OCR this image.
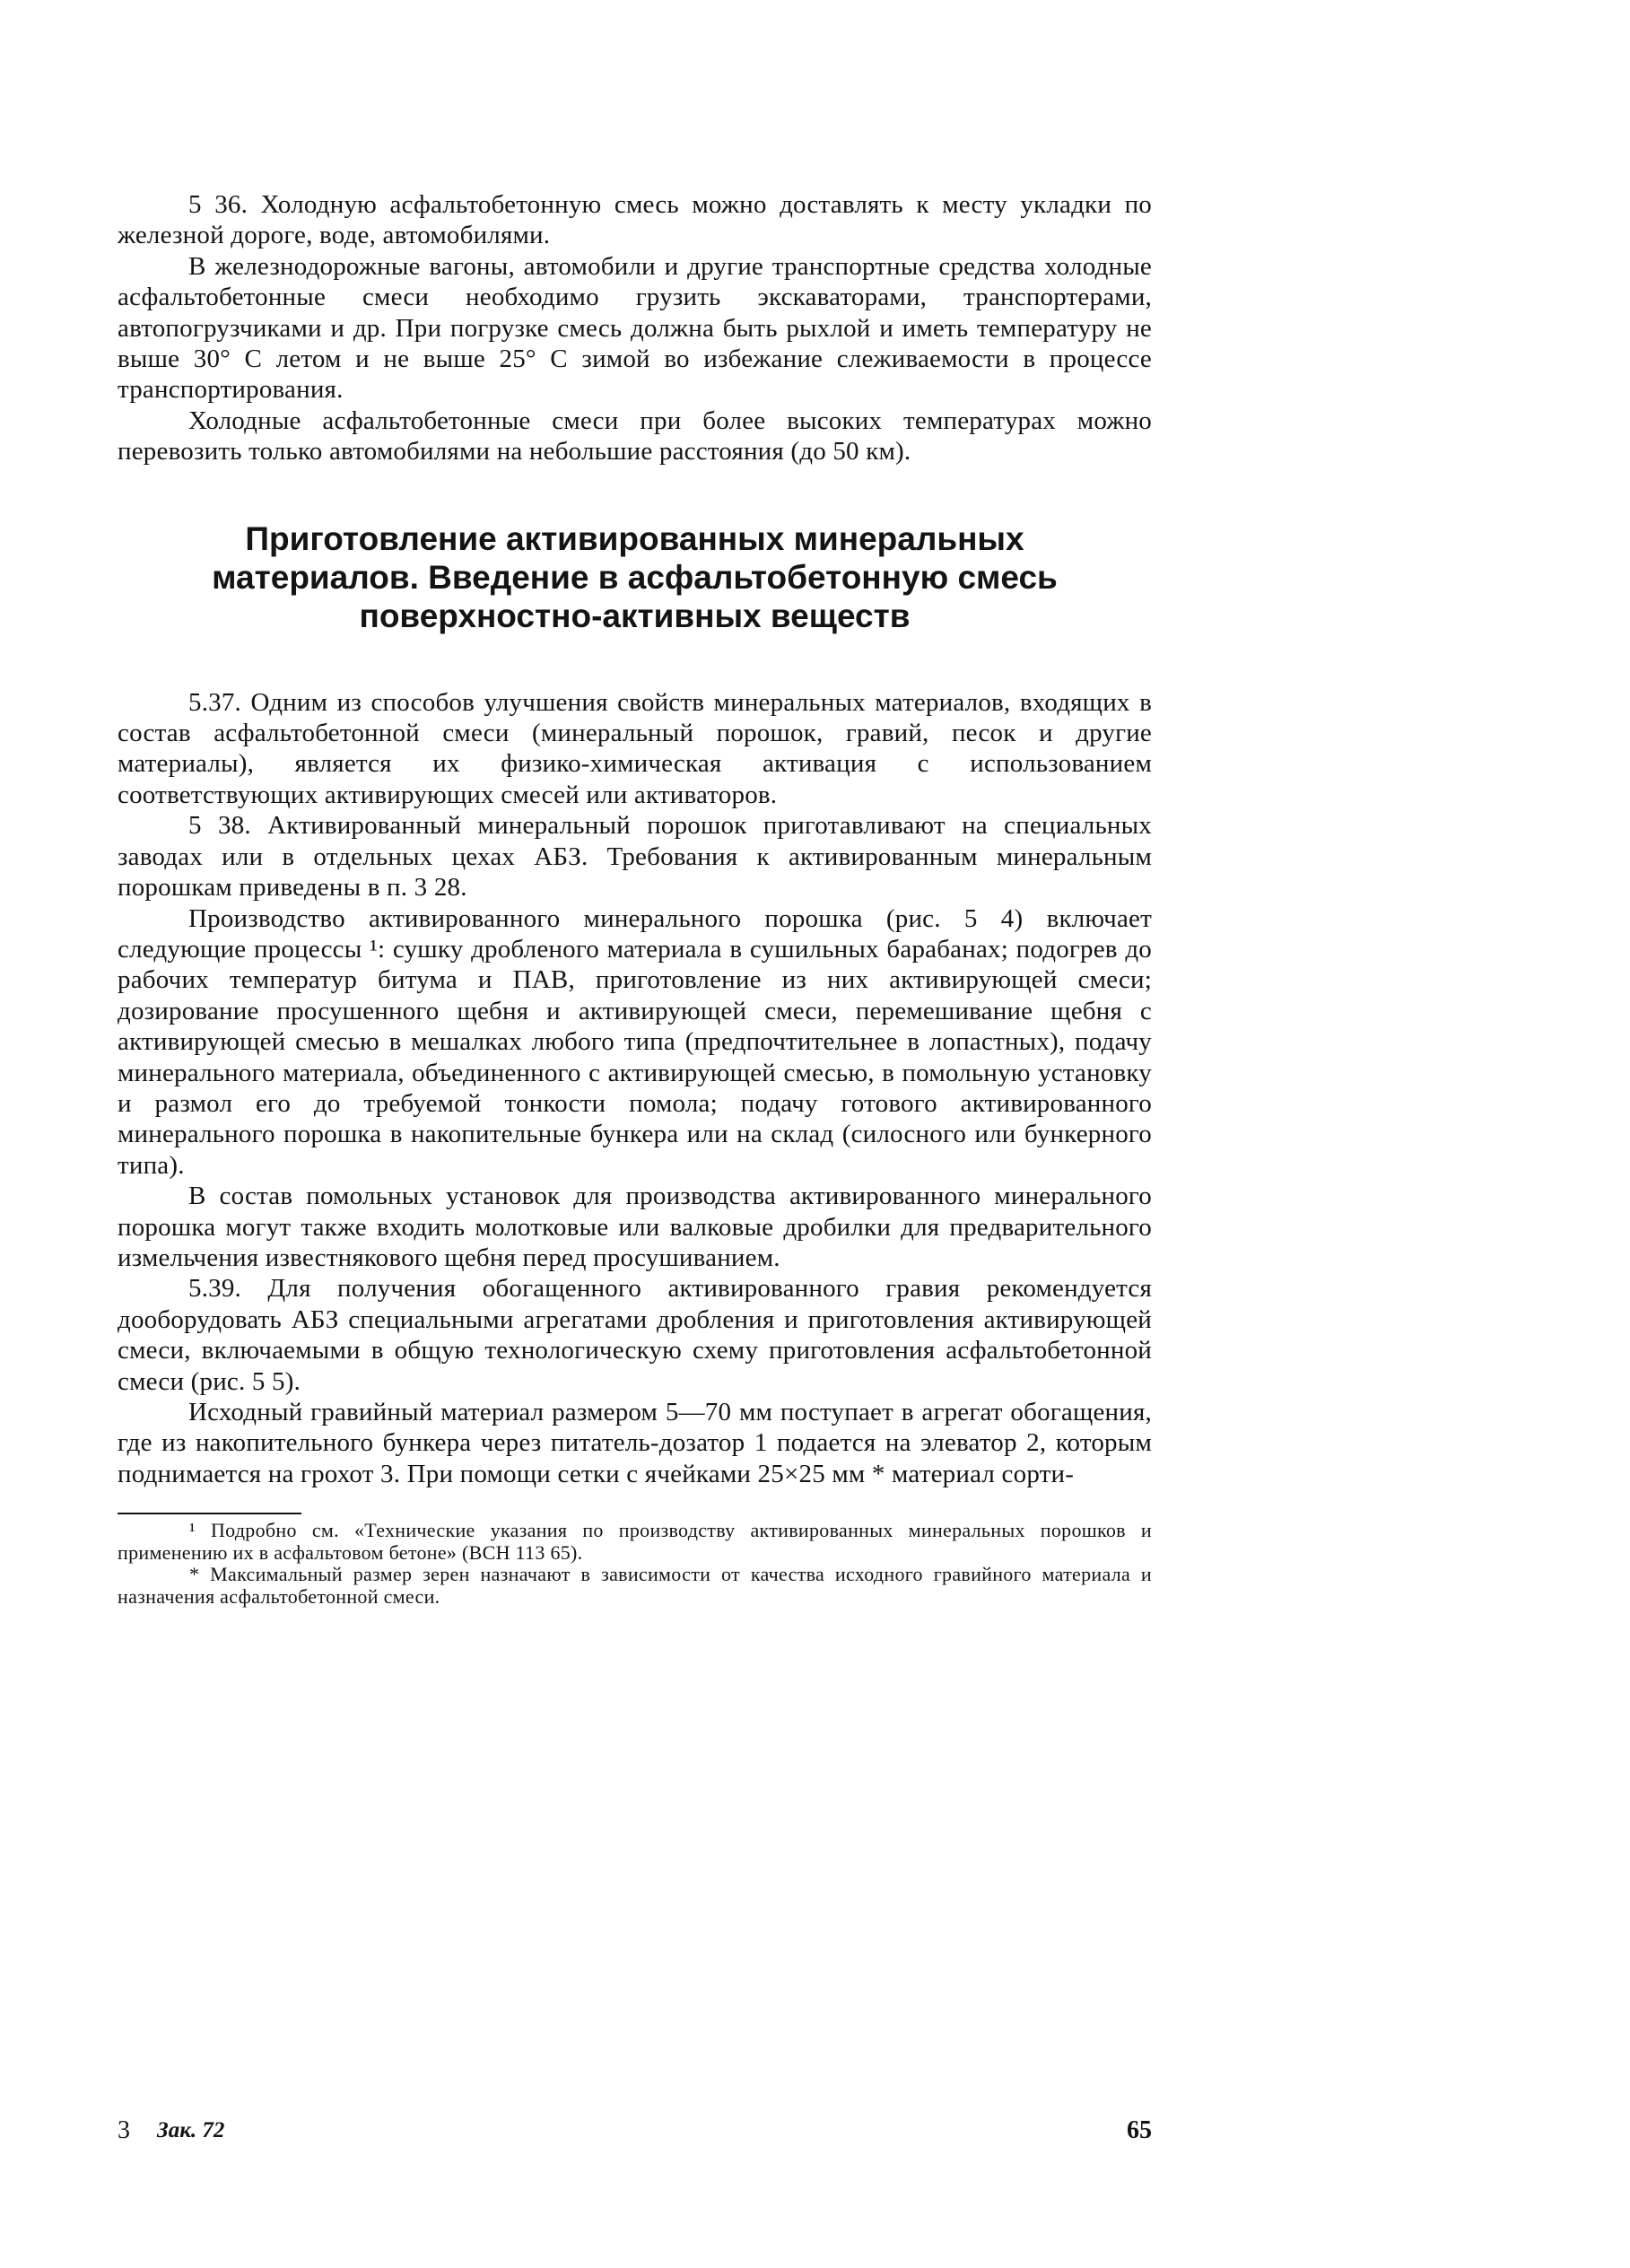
5 36. Холодную асфальтобетонную смесь можно доставлять к месту укладки по железной дороге, воде, автомобилями.

В железнодорожные вагоны, автомобили и другие транспортные средства холодные асфальтобетонные смеси необходимо грузить экскаваторами, транспортерами, автопогрузчиками и др. При погрузке смесь должна быть рыхлой и иметь температуру не выше 30° С летом и не выше 25° С зимой во избежание слеживаемости в процессе транспортирования.

Холодные асфальтобетонные смеси при более высоких температурах можно перевозить только автомобилями на небольшие расстояния (до 50 км).

Приготовление активированных минеральных
материалов. Введение в асфальтобетонную смесь
поверхностно-активных веществ

5.37. Одним из способов улучшения свойств минеральных материалов, входящих в состав асфальтобетонной смеси (минеральный порошок, гравий, песок и другие материалы), является их физико-химическая активация с использованием соответствующих активирующих смесей или активаторов.

5 38. Активированный минеральный порошок приготавливают на специальных заводах или в отдельных цехах АБЗ. Требования к активированным минеральным порошкам приведены в п. 3 28.

Производство активированного минерального порошка (рис. 5 4) включает следующие процессы ¹: сушку дробленого материала в сушильных барабанах; подогрев до рабочих температур битума и ПАВ, приготовление из них активирующей смеси; дозирование просушенного щебня и активирующей смеси, перемешивание щебня с активирующей смесью в мешалках любого типа (предпочтительнее в лопастных), подачу минерального материала, объединенного с активирующей смесью, в помольную установку и размол его до требуемой тонкости помола; подачу готового активированного минерального порошка в накопительные бункера или на склад (силосного или бункерного типа).

В состав помольных установок для производства активированного минерального порошка могут также входить молотковые или валковые дробилки для предварительного измельчения известнякового щебня перед просушиванием.

5.39. Для получения обогащенного активированного гравия рекомендуется дооборудовать АБЗ специальными агрегатами дробления и приготовления активирующей смеси, включаемыми в общую технологическую схему приготовления асфальтобетонной смеси (рис. 5 5).

Исходный гравийный материал размером 5—70 мм поступает в агрегат обогащения, где из накопительного бункера через питатель-дозатор 1 подается на элеватор 2, которым поднимается на грохот 3. При помощи сетки с ячейками 25×25 мм * материал сорти-

¹ Подробно см. «Технические указания по производству активированных минеральных порошков и применению их в асфальтовом бетоне» (ВСН 113 65).

* Максимальный размер зерен назначают в зависимости от качества исходного гравийного материала и назначения асфальтобетонной смеси.

3 Зак. 72	65
